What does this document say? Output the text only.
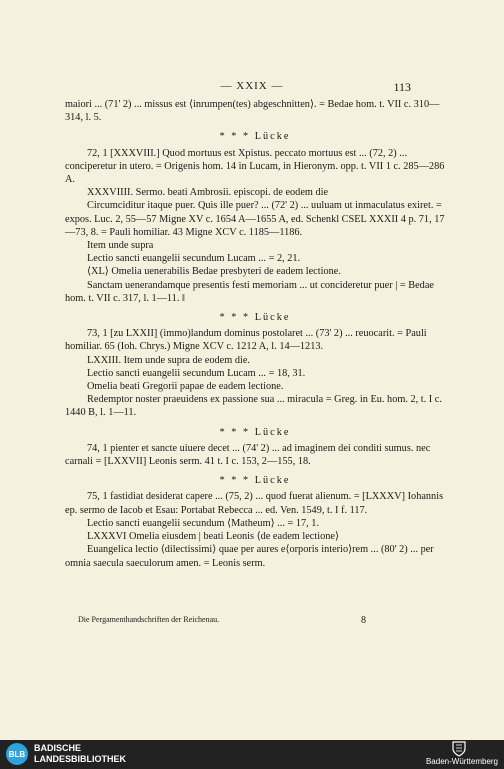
— XXIX —	113

maiori ... (71' 2) ... missus est ⟨inrumpen(tes) abgeschnitten⟩. = Bedae hom. t. VII c. 310—314, l. 5.

* * * Lücke

72, 1 [XXXVIII.] Quod mortuus est Xpistus. peccato mortuus est ... (72, 2) ... conciperetur in utero. = Origenis hom. 14 in Lucam, in Hieronym. opp. t. VII 1 c. 285—286 A.

XXXVIIII. Sermo. beati Ambrosii. episcopi. de eodem die

Circumciditur itaque puer. Quis ille puer? ... (72' 2) ... uuluam ut inmaculatus exiret. = expos. Luc. 2, 55—57 Migne XV c. 1654 A—1655 A, ed. Schenkl CSEL XXXII 4 p. 71, 17—73, 8. = Pauli homiliar. 43 Migne XCV c. 1185—1186.

Item unde supra

Lectio sancti euangelii secundum Lucam ... = 2, 21.

⟨XL⟩ Omelia uenerabilis Bedae presbyteri de eadem lectione.

Sanctam uenerandamque presentis festi memoriam ... ut concideretur puer | = Bedae hom. t. VII c. 317, l. 1—11. ‖

* * * Lücke

73, 1 [zu LXXII] (immo)landum dominus postolaret ... (73' 2) ... reuocarit. = Pauli homiliar. 65 (Ioh. Chrys.) Migne XCV c. 1212 A, l. 14—1213.

LXXIII. Item unde supra de eodem die.

Lectio sancti euangelii secundum Lucam ... = 18, 31.

Omelia beati Gregorii papae de eadem lectione.

Redemptor noster praeuidens ex passione sua ... miracula = Greg. in Eu. hom. 2, t. I c. 1440 B, l. 1—11.

* * * Lücke

74, 1 pienter et sancte uiuere decet ... (74' 2) ... ad imaginem dei conditi sumus. nec carnali = [LXXVII] Leonis serm. 41 t. I c. 153, 2—155, 18.

* * * Lücke

75, 1 fastidiat desiderat capere ... (75, 2) ... quod fuerat alienum. = [LXXXV] Iohannis ep. sermo de Iacob et Esau: Portabat Rebecca ... ed. Ven. 1549, t. I f. 117.

Lectio sancti euangelii secundum ⟨Matheum⟩ ... = 17, 1.

LXXXVI Omelia eiusdem | beati Leonis ⟨de eadem lectione⟩

Euangelica lectio ⟨dilectissimi⟩ quae per aures e⟨orporis interio⟩rem ... (80' 2) ... per omnia saecula saeculorum amen. = Leonis serm.

Die Pergamenthandschriften der Reichenau.	8
BLB
BADISCHE
LANDESBIBLIOTHEK	Baden-Württemberg
